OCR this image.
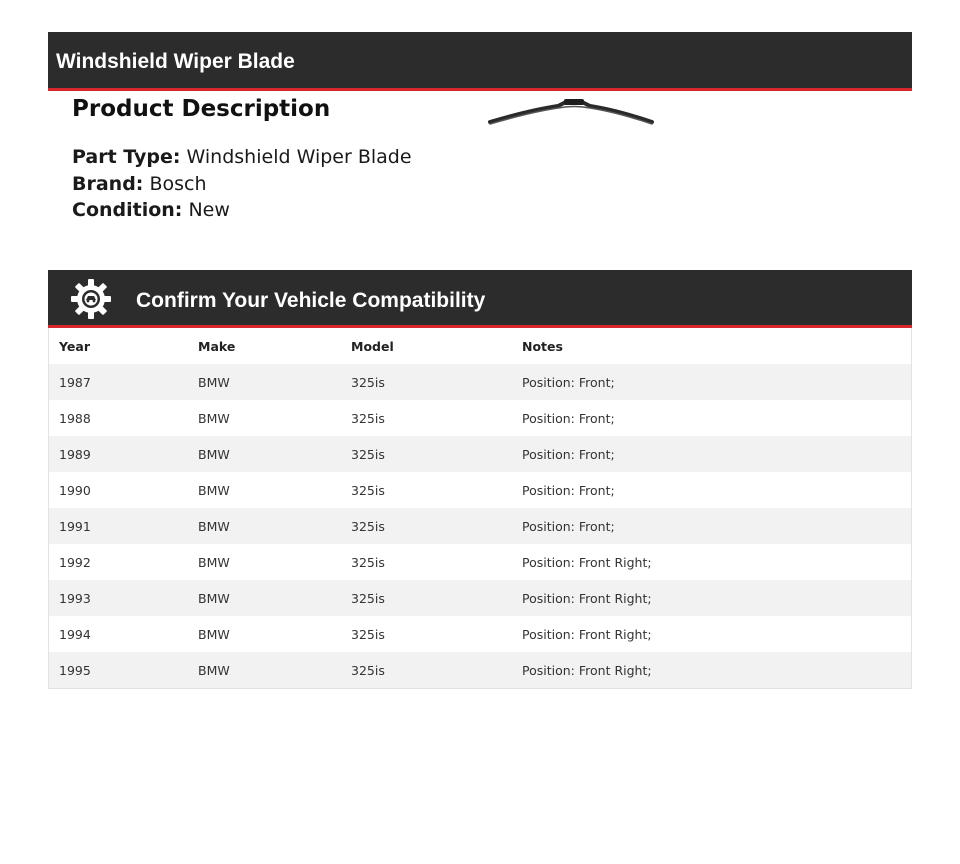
Windshield Wiper Blade
Product Description
Part Type: Windshield Wiper Blade
Brand: Bosch
Condition: New
Confirm Your Vehicle Compatibility
Year	Make	Model	Notes
1987	BMW	325is	Position: Front;
1988	BMW	325is	Position: Front;
1989	BMW	325is	Position: Front;
1990	BMW	325is	Position: Front;
1991	BMW	325is	Position: Front;
1992	BMW	325is	Position: Front Right;
1993	BMW	325is	Position: Front Right;
1994	BMW	325is	Position: Front Right;
1995	BMW	325is	Position: Front Right;
